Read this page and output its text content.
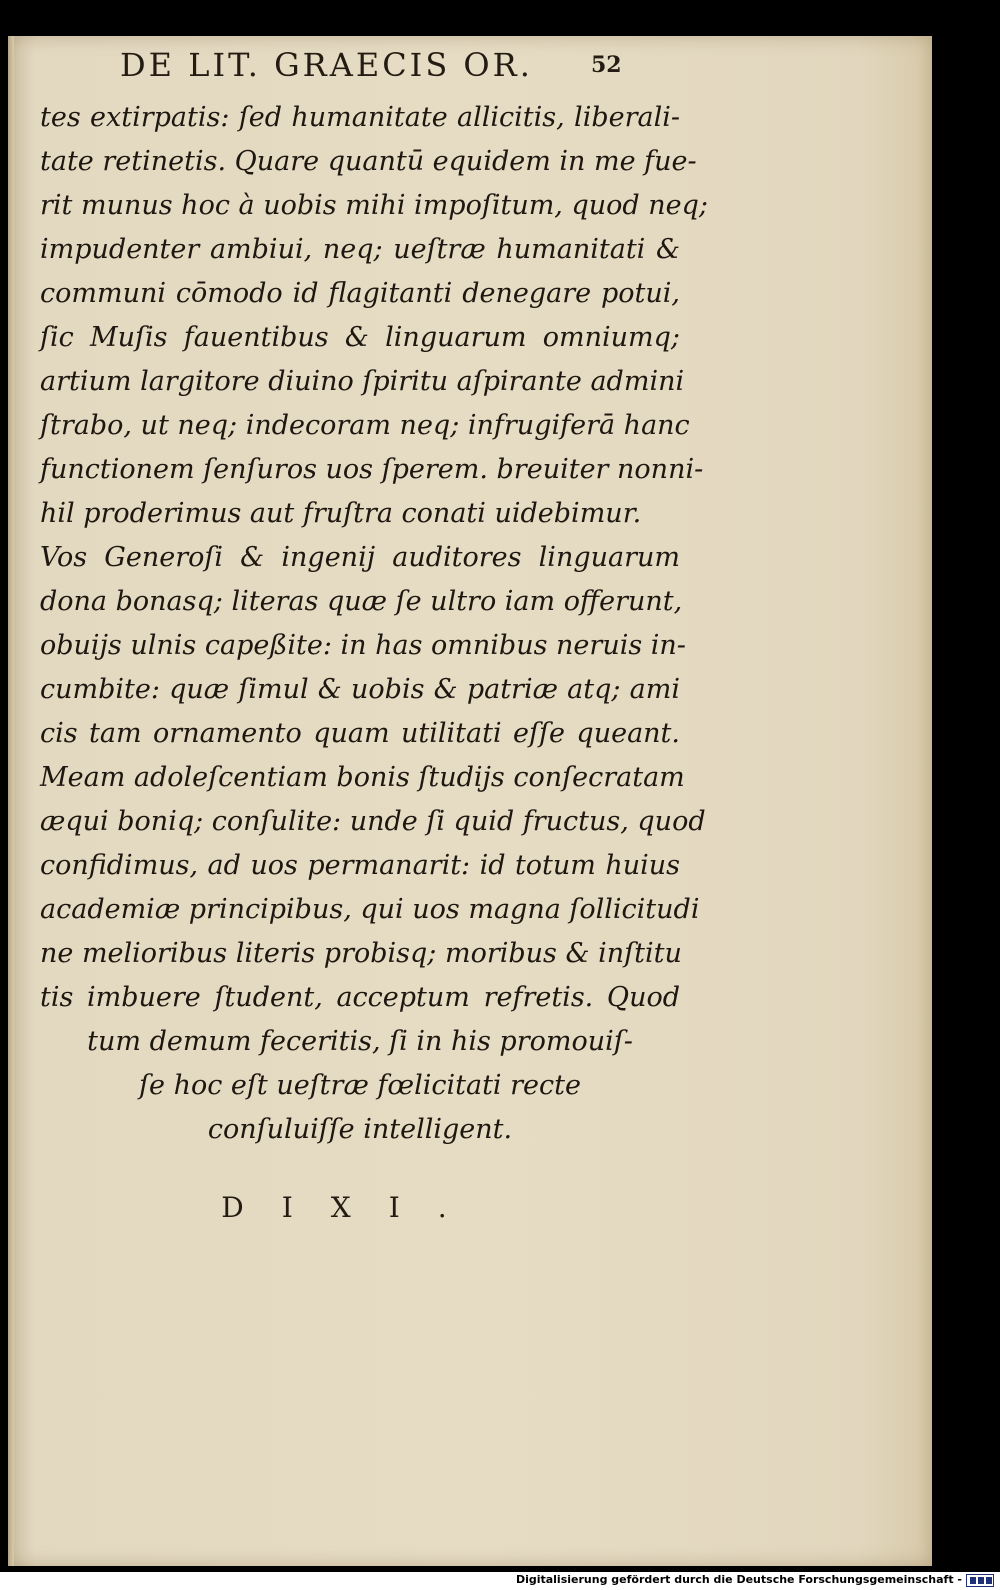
DE LIT. GRAECIS OR.	52
tes extirpatis: ſed humanitate allicitis, liberali-
tate retinetis. Quare quantū equidem in me fue-
rit munus hoc à uobis mihi impoſitum, quod neq;
impudenter ambiui, neq; ueſtræ humanitati &
communi cōmodo id flagitanti denegare potui,
ſic Muſis fauentibus & linguarum omniumq;
artium largitore diuino ſpiritu aſpirante admini
ſtrabo, ut neq; indecoram neq; infrugiferā hanc
functionem ſenſuros uos ſperem. breuiter nonni-
hil proderimus aut fruſtra conati uidebimur.
Vos Generoſi & ingenij auditores linguarum
dona bonasq; literas quæ ſe ultro iam offerunt,
obuijs ulnis capeßite: in has omnibus neruis in-
cumbite: quæ ſimul & uobis & patriæ atq; ami
cis tam ornamento quam utilitati eſſe queant.
Meam adoleſcentiam bonis ſtudijs conſecratam
æqui boniq; conſulite: unde ſi quid fructus, quod
confidimus, ad uos permanarit: id totum huius
academiæ principibus, qui uos magna ſollicitudi
ne melioribus literis probisq; moribus & inſtitu
tis imbuere ſtudent, acceptum refretis. Quod
tum demum feceritis, ſi in his promouiſ-
ſe hoc eſt ueſtræ fœlicitati recte
conſuluiſſe intelligent.
DIXI.
Digitalisierung gefördert durch die Deutsche Forschungsgemeinschaft -
